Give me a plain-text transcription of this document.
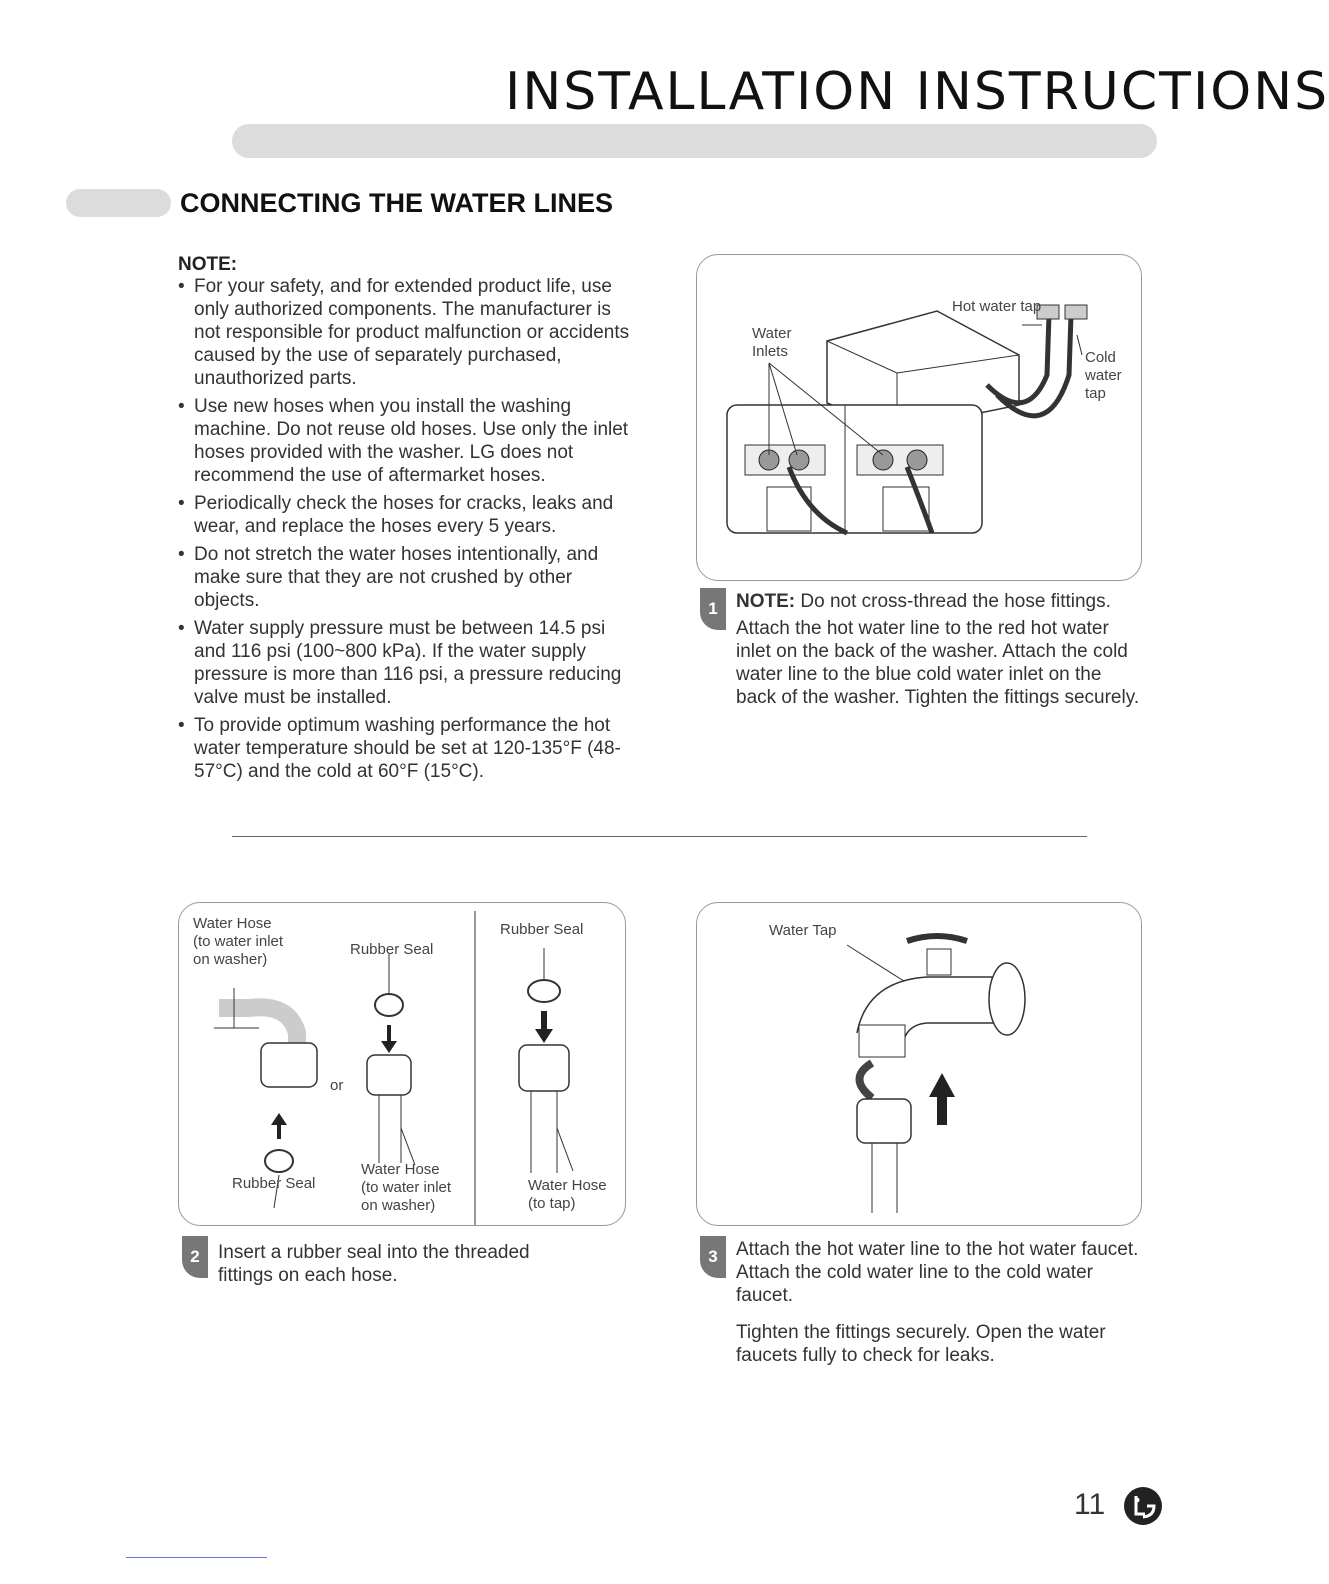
INSTALLATION INSTRUCTIONS
CONNECTING THE WATER LINES
NOTE:
• For your safety, and for extended product life, use only authorized components. The manufacturer is not responsible for product malfunction or accidents caused by the use of separately purchased, unauthorized parts.
• Use new hoses when you install the washing machine. Do not reuse old hoses. Use only the inlet hoses provided with the washer. LG does not recommend the use of aftermarket hoses.
• Periodically check the hoses for cracks, leaks and wear, and replace the hoses every 5 years.
• Do not stretch the water hoses intentionally, and make sure that they are not crushed by other objects.
• Water supply pressure must be between 14.5 psi and 116 psi (100~800 kPa). If the water supply pressure is more than 116 psi, a pressure reducing valve must be installed.
• To provide optimum washing performance the hot water temperature should be set at 120-135°F (48-57°C) and the cold at 60°F (15°C).
Hot water tap
Water
Inlets	Cold
water
tap
1 NOTE: Do not cross-thread the hose fittings.
Attach the hot water line to the red hot water inlet on the back of the washer. Attach the cold water line to the blue cold water inlet on the back of the washer. Tighten the fittings securely.
Water Hose
(to water inlet
on washer)
Rubber Seal
Rubber Seal
or
Rubber Seal
Water Hose
(to water inlet
on washer)
Water Hose
(to tap)
2 Insert a rubber seal into the threaded fittings on each hose.
Water Tap
3 Attach the hot water line to the hot water faucet. Attach the cold water line to the cold water faucet.
Tighten the fittings securely. Open the water faucets fully to check for leaks.
11
